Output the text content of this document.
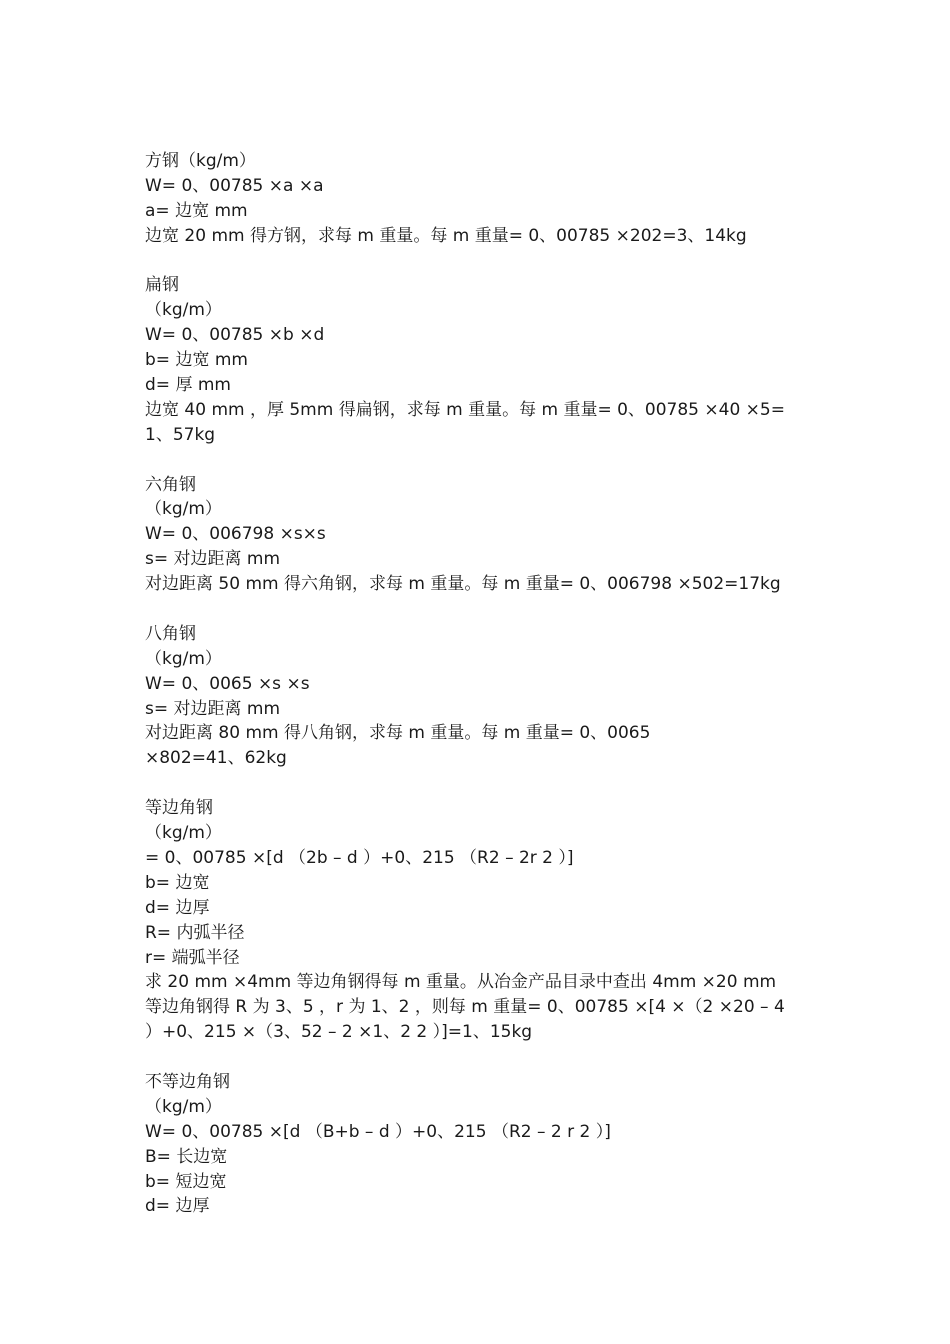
方钢（kg/m）
W= 0、00785 ×a ×a
a= 边宽 mm
边宽 20 mm 得方钢，求每 m 重量。每 m 重量= 0、00785 ×202=3、14kg
扁钢
（kg/m）
W= 0、00785 ×b ×d
b= 边宽 mm
d= 厚 mm
边宽 40 mm ，厚 5mm 得扁钢，求每 m 重量。每 m 重量= 0、00785 ×40 ×5=
1、57kg
六角钢
（kg/m）
W= 0、006798 ×s×s
s= 对边距离 mm
对边距离 50 mm 得六角钢，求每 m 重量。每 m 重量= 0、006798 ×502=17kg
八角钢
（kg/m）
W= 0、0065 ×s ×s
s= 对边距离 mm
对边距离 80 mm 得八角钢，求每 m 重量。每 m 重量= 0、0065
×802=41、62kg
等边角钢
（kg/m）
= 0、00785 ×[d （2b – d ）+0、215 （R2 – 2r 2 ）]
b= 边宽
d= 边厚
R= 内弧半径
r= 端弧半径
求 20 mm ×4mm 等边角钢得每 m 重量。从冶金产品目录中查出 4mm ×20 mm
等边角钢得 R 为 3、5 ，r 为 1、2 ，则每 m 重量= 0、00785 ×[4 ×（2 ×20 – 4
）+0、215 ×（3、52 – 2 ×1、2 2 ）]=1、15kg
不等边角钢
（kg/m）
W= 0、00785 ×[d （B+b – d ）+0、215 （R2 – 2 r 2 ）]
B= 长边宽
b= 短边宽
d= 边厚
